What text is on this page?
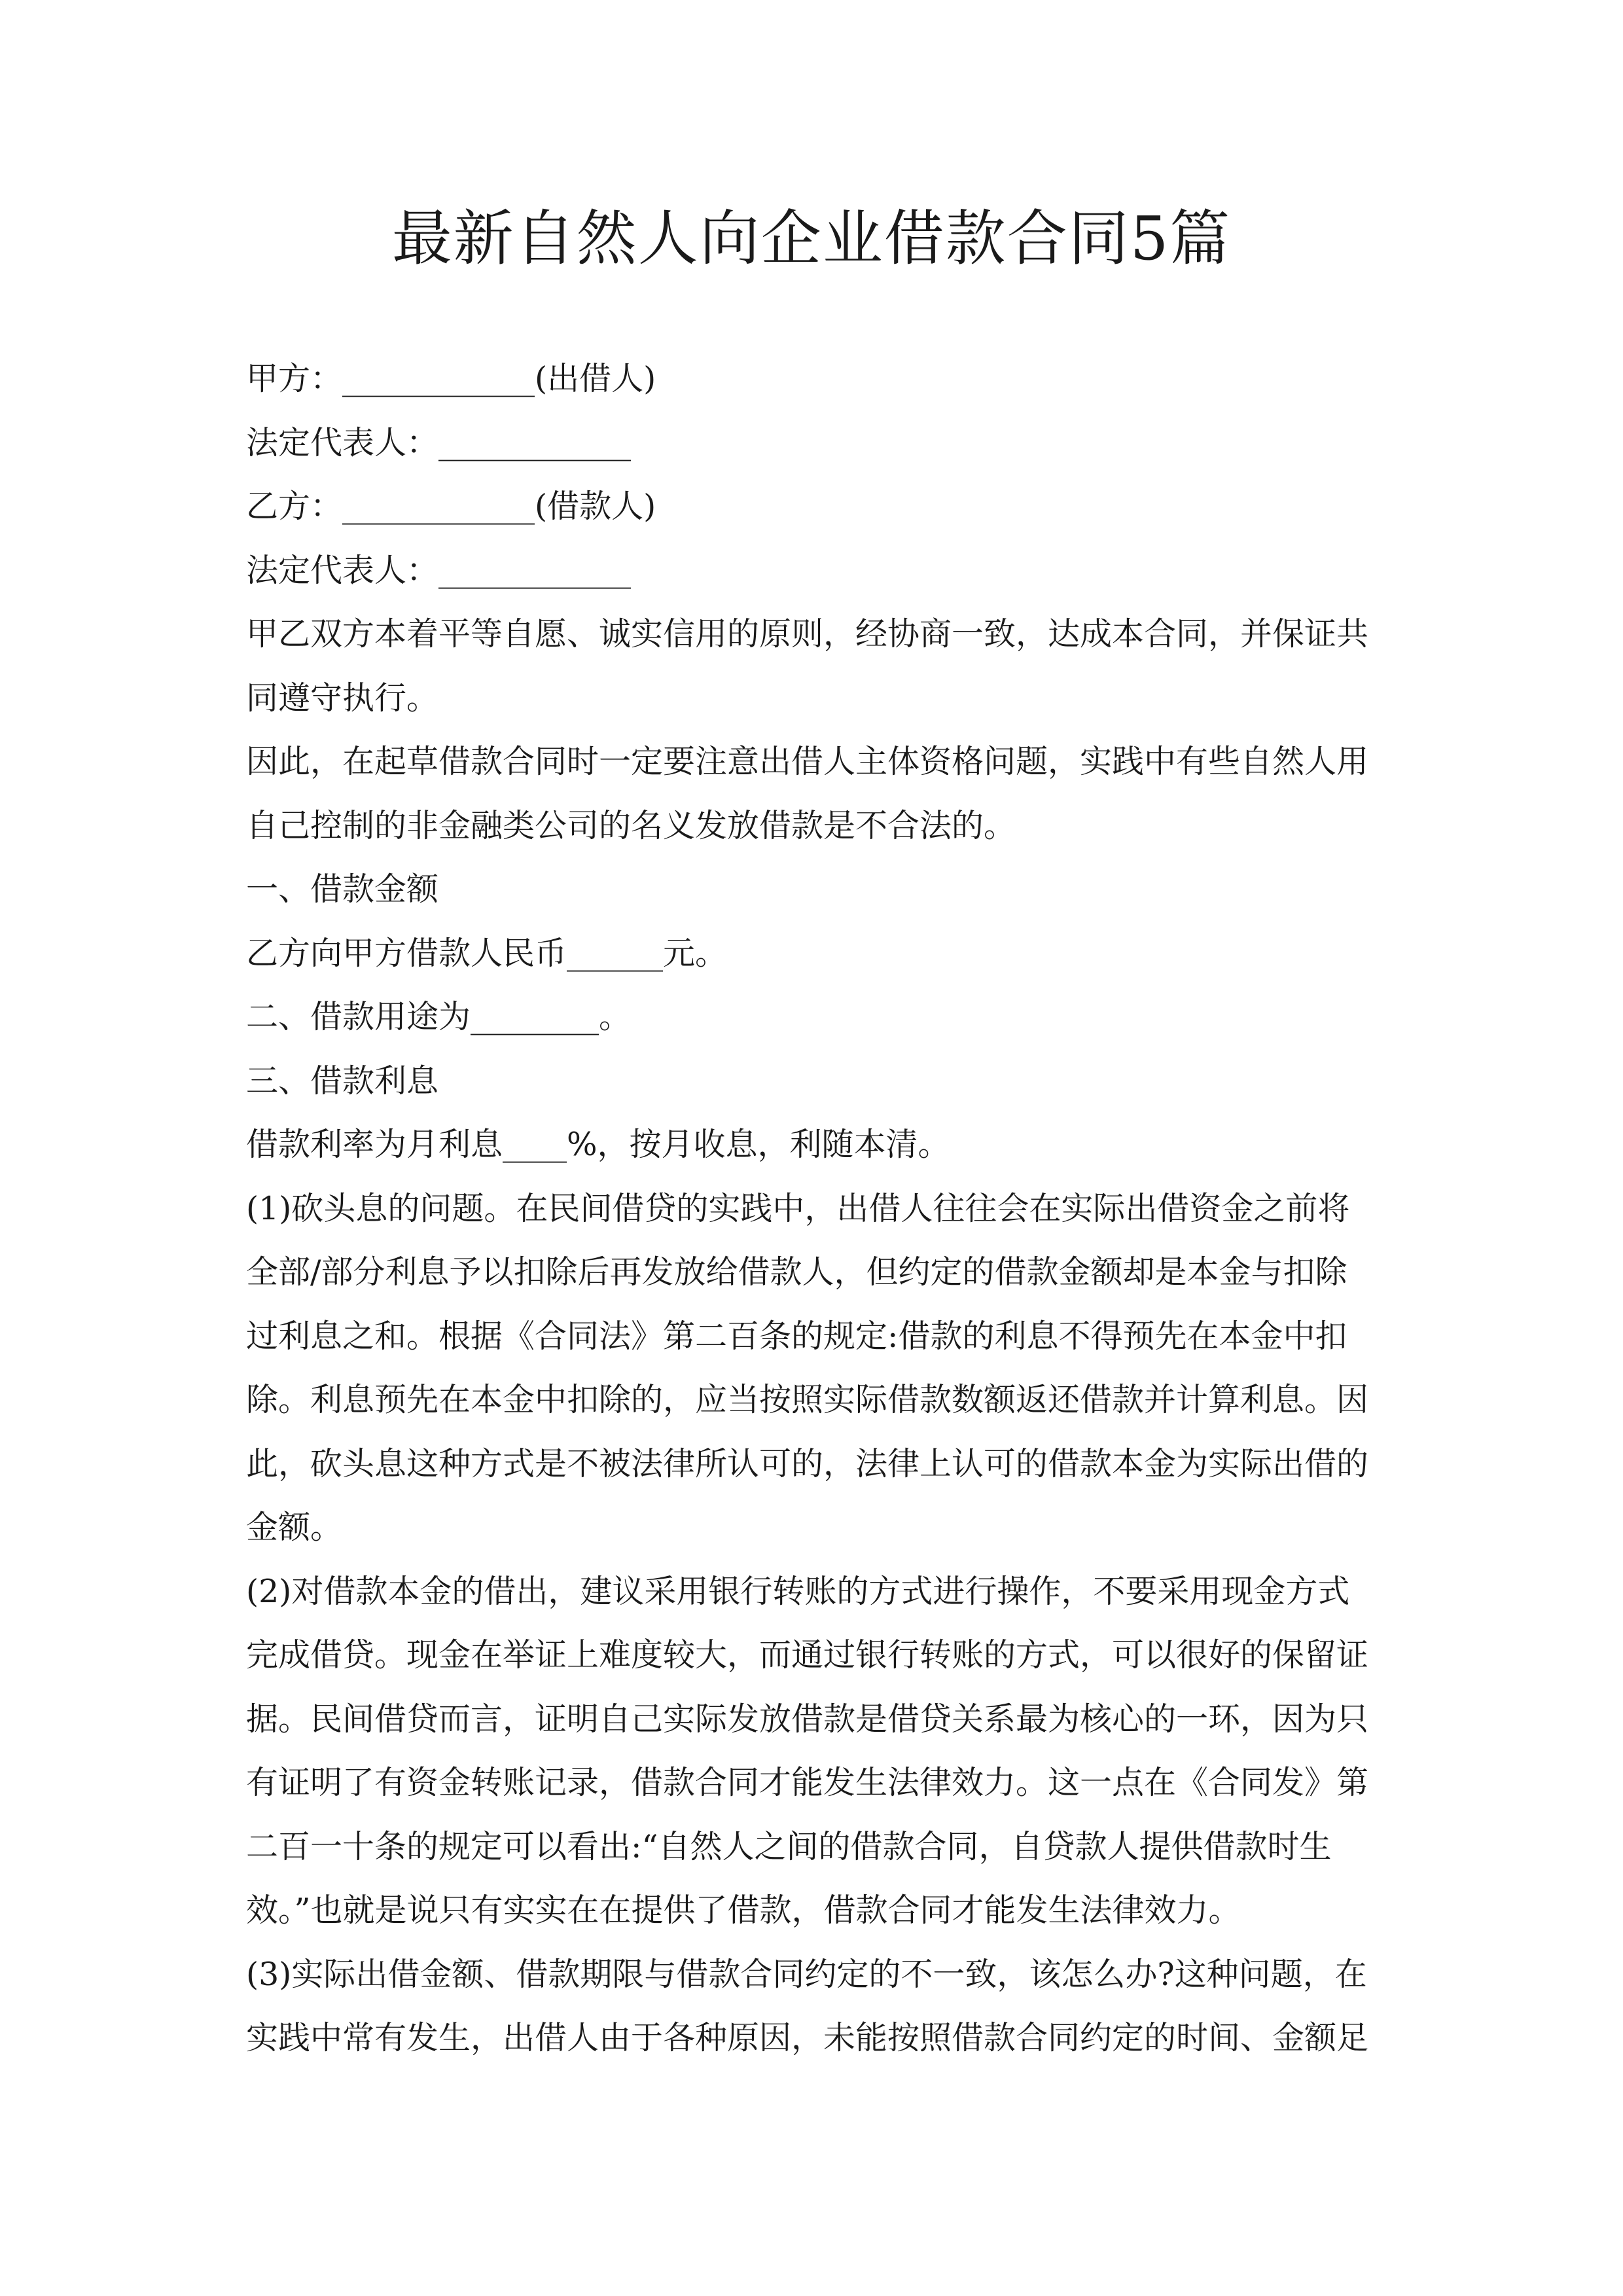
最新自然人向企业借款合同5篇
甲方：____________(出借人)
法定代表人：____________
乙方：____________(借款人)
法定代表人：____________
甲乙双方本着平等自愿、诚实信用的原则，经协商一致，达成本合同，并保证共
同遵守执行。
因此，在起草借款合同时一定要注意出借人主体资格问题，实践中有些自然人用
自己控制的非金融类公司的名义发放借款是不合法的。
一、借款金额
乙方向甲方借款人民币______元。
二、借款用途为________。
三、借款利息
借款利率为月利息____%，按月收息，利随本清。
(1)砍头息的问题。在民间借贷的实践中，出借人往往会在实际出借资金之前将
全部/部分利息予以扣除后再发放给借款人，但约定的借款金额却是本金与扣除
过利息之和。根据《合同法》第二百条的规定:借款的利息不得预先在本金中扣
除。利息预先在本金中扣除的，应当按照实际借款数额返还借款并计算利息。因
此，砍头息这种方式是不被法律所认可的，法律上认可的借款本金为实际出借的
金额。
(2)对借款本金的借出，建议采用银行转账的方式进行操作，不要采用现金方式
完成借贷。现金在举证上难度较大，而通过银行转账的方式，可以很好的保留证
据。民间借贷而言，证明自己实际发放借款是借贷关系最为核心的一环，因为只
有证明了有资金转账记录，借款合同才能发生法律效力。这一点在《合同发》第
二百一十条的规定可以看出:“自然人之间的借款合同，自贷款人提供借款时生
效。”也就是说只有实实在在提供了借款，借款合同才能发生法律效力。
(3)实际出借金额、借款期限与借款合同约定的不一致，该怎么办?这种问题，在
实践中常有发生，出借人由于各种原因，未能按照借款合同约定的时间、金额足
